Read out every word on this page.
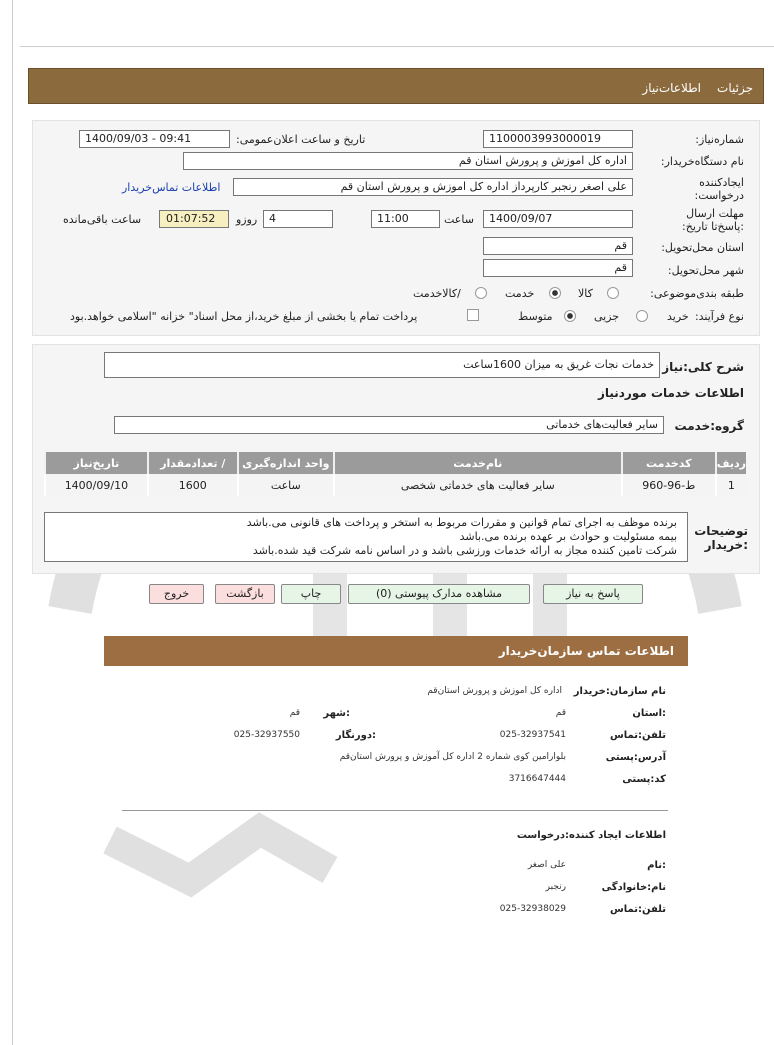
جزئیات
اطلاعات‌نیاز
شماره‌نیاز:
1100003993000019
تاریخ و ساعت اعلان‌عمومی:
1400/09/03 - 09:41
نام دستگاه‌خریدار:
اداره کل اموزش و پرورش استان قم
ایجادکننده درخواست:
علی اصغر رنجبر کارپرداز اداره کل اموزش و پرورش استان قم
اطلاعات تماس‌خریدار
مهلت ارسال :پاسخ‌تا تاریخ:
1400/09/07
ساعت
11:00
4
روزو
01:07:52
ساعت باقی‌مانده
استان محل‌تحویل:
قم
شهر محل‌تحویل:
قم
طبقه بندی‌موضوعی:
کالا
خدمت
/کالاخدمت
نوع فرآیند:
خرید
جزیی
متوسط
پرداخت تمام یا بخشی از مبلغ خرید،از محل اسناد" خزانه "اسلامی خواهد.بود
شرح کلی:نیاز
خدمات نجات غریق به میزان 1600ساعت
اطلاعات خدمات موردنیاز
گروه:خدمت
سایر فعالیت‌های خدماتی
ردیف	کدخدمت	نام‌خدمت	واحد اندازه‌گیری	/ تعدادمقدار	تاریخ‌نیاز
1	ط-96-960	سایر فعالیت های خدماتی شخصی	ساعت	1600	1400/09/10
توضیحات :خریدار
برنده موظف به اجرای تمام قوانین و مقررات مربوط به استخر و پرداخت های قانونی می.باشد
بیمه مسئولیت و حوادث بر عهده برنده می.باشد
شرکت تامین کننده مجاز به ارائه خدمات ورزشی باشد و در اساس نامه شرکت قید شده.باشد
پاسخ به نیاز
مشاهده مدارک پیوستی (0)
چاپ
بازگشت
خروج
اطلاعات تماس سازمان‌خریدار
نام سازمان:خریدار
اداره کل اموزش و پرورش استان‌قم
:استان
قم
:شهر
قم
تلفن:تماس
025-32937541
:دورنگار
025-32937550
آدرس:پستی
بلوارامین کوی شماره 2 اداره کل آموزش و پرورش استان‌قم
کد:پستی
3716647444
اطلاعات ایجاد کننده:درخواست
:نام
علی اصغر
نام:خانوادگی
رنجبر
تلفن:تماس
025-32938029
